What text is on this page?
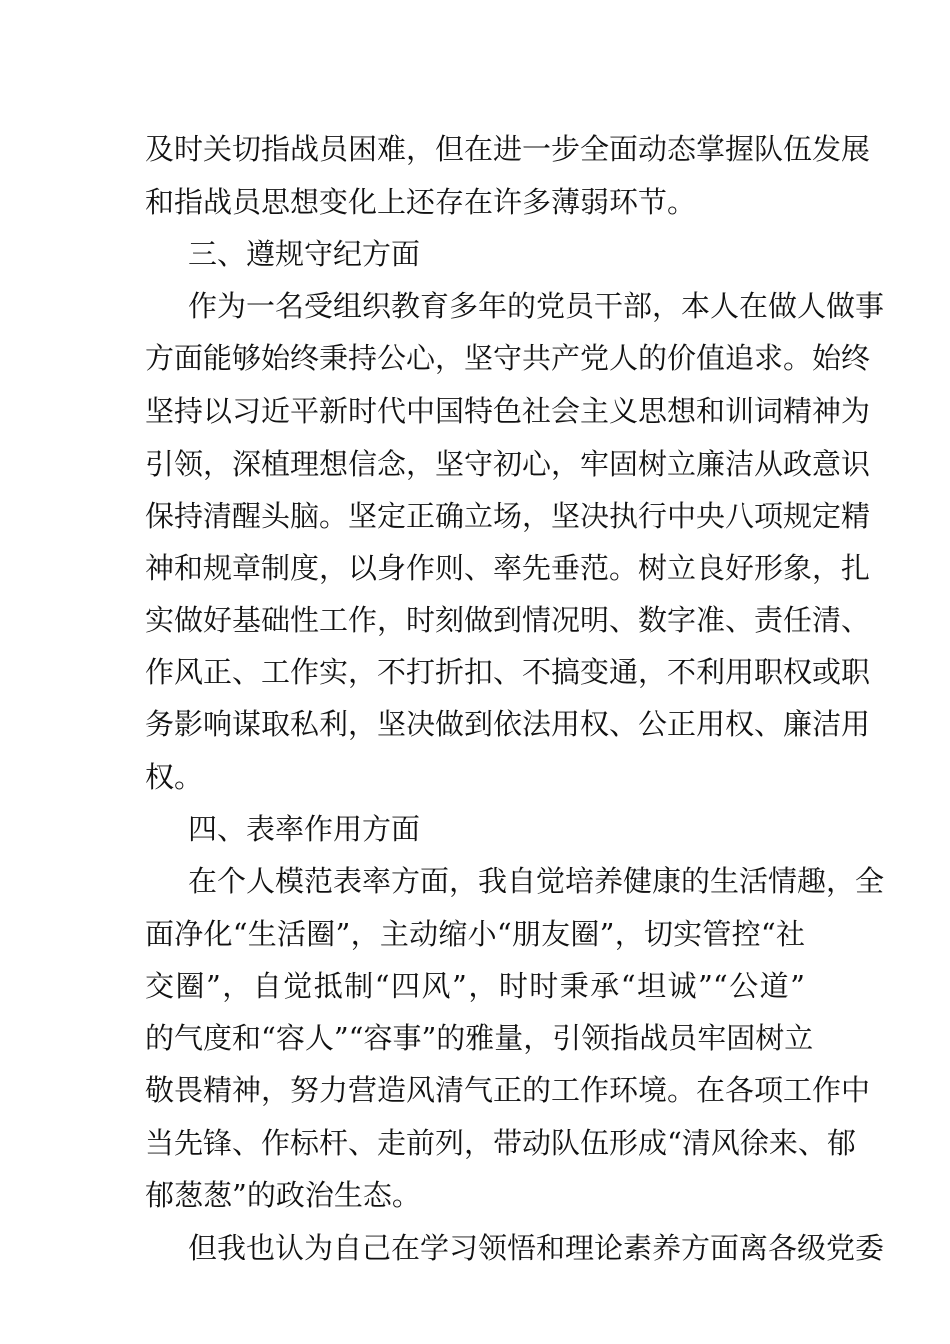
及时关切指战员困难，但在进一步全面动态掌握队伍发展
和指战员思想变化上还存在许多薄弱环节。
三、遵规守纪方面
作为一名受组织教育多年的党员干部，本人在做人做事
方面能够始终秉持公心，坚守共产党人的价值追求。始终
坚持以习近平新时代中国特色社会主义思想和训词精神为
引领，深植理想信念，坚守初心，牢固树立廉洁从政意识
保持清醒头脑。坚定正确立场，坚决执行中央八项规定精
神和规章制度，以身作则、率先垂范。树立良好形象，扎
实做好基础性工作，时刻做到情况明、数字准、责任清、
作风正、工作实，不打折扣、不搞变通，不利用职权或职
务影响谋取私利，坚决做到依法用权、公正用权、廉洁用
权。
四、表率作用方面
在个人模范表率方面，我自觉培养健康的生活情趣，全
面净化“生活圈”，主动缩小“朋友圈”，切实管控“社
交圈”，自觉抵制“四风”，时时秉承“坦诚”“公道”
的气度和“容人”“容事”的雅量，引领指战员牢固树立
敬畏精神，努力营造风清气正的工作环境。在各项工作中
当先锋、作标杆、走前列，带动队伍形成“清风徐来、郁
郁葱葱”的政治生态。
但我也认为自己在学习领悟和理论素养方面离各级党委
